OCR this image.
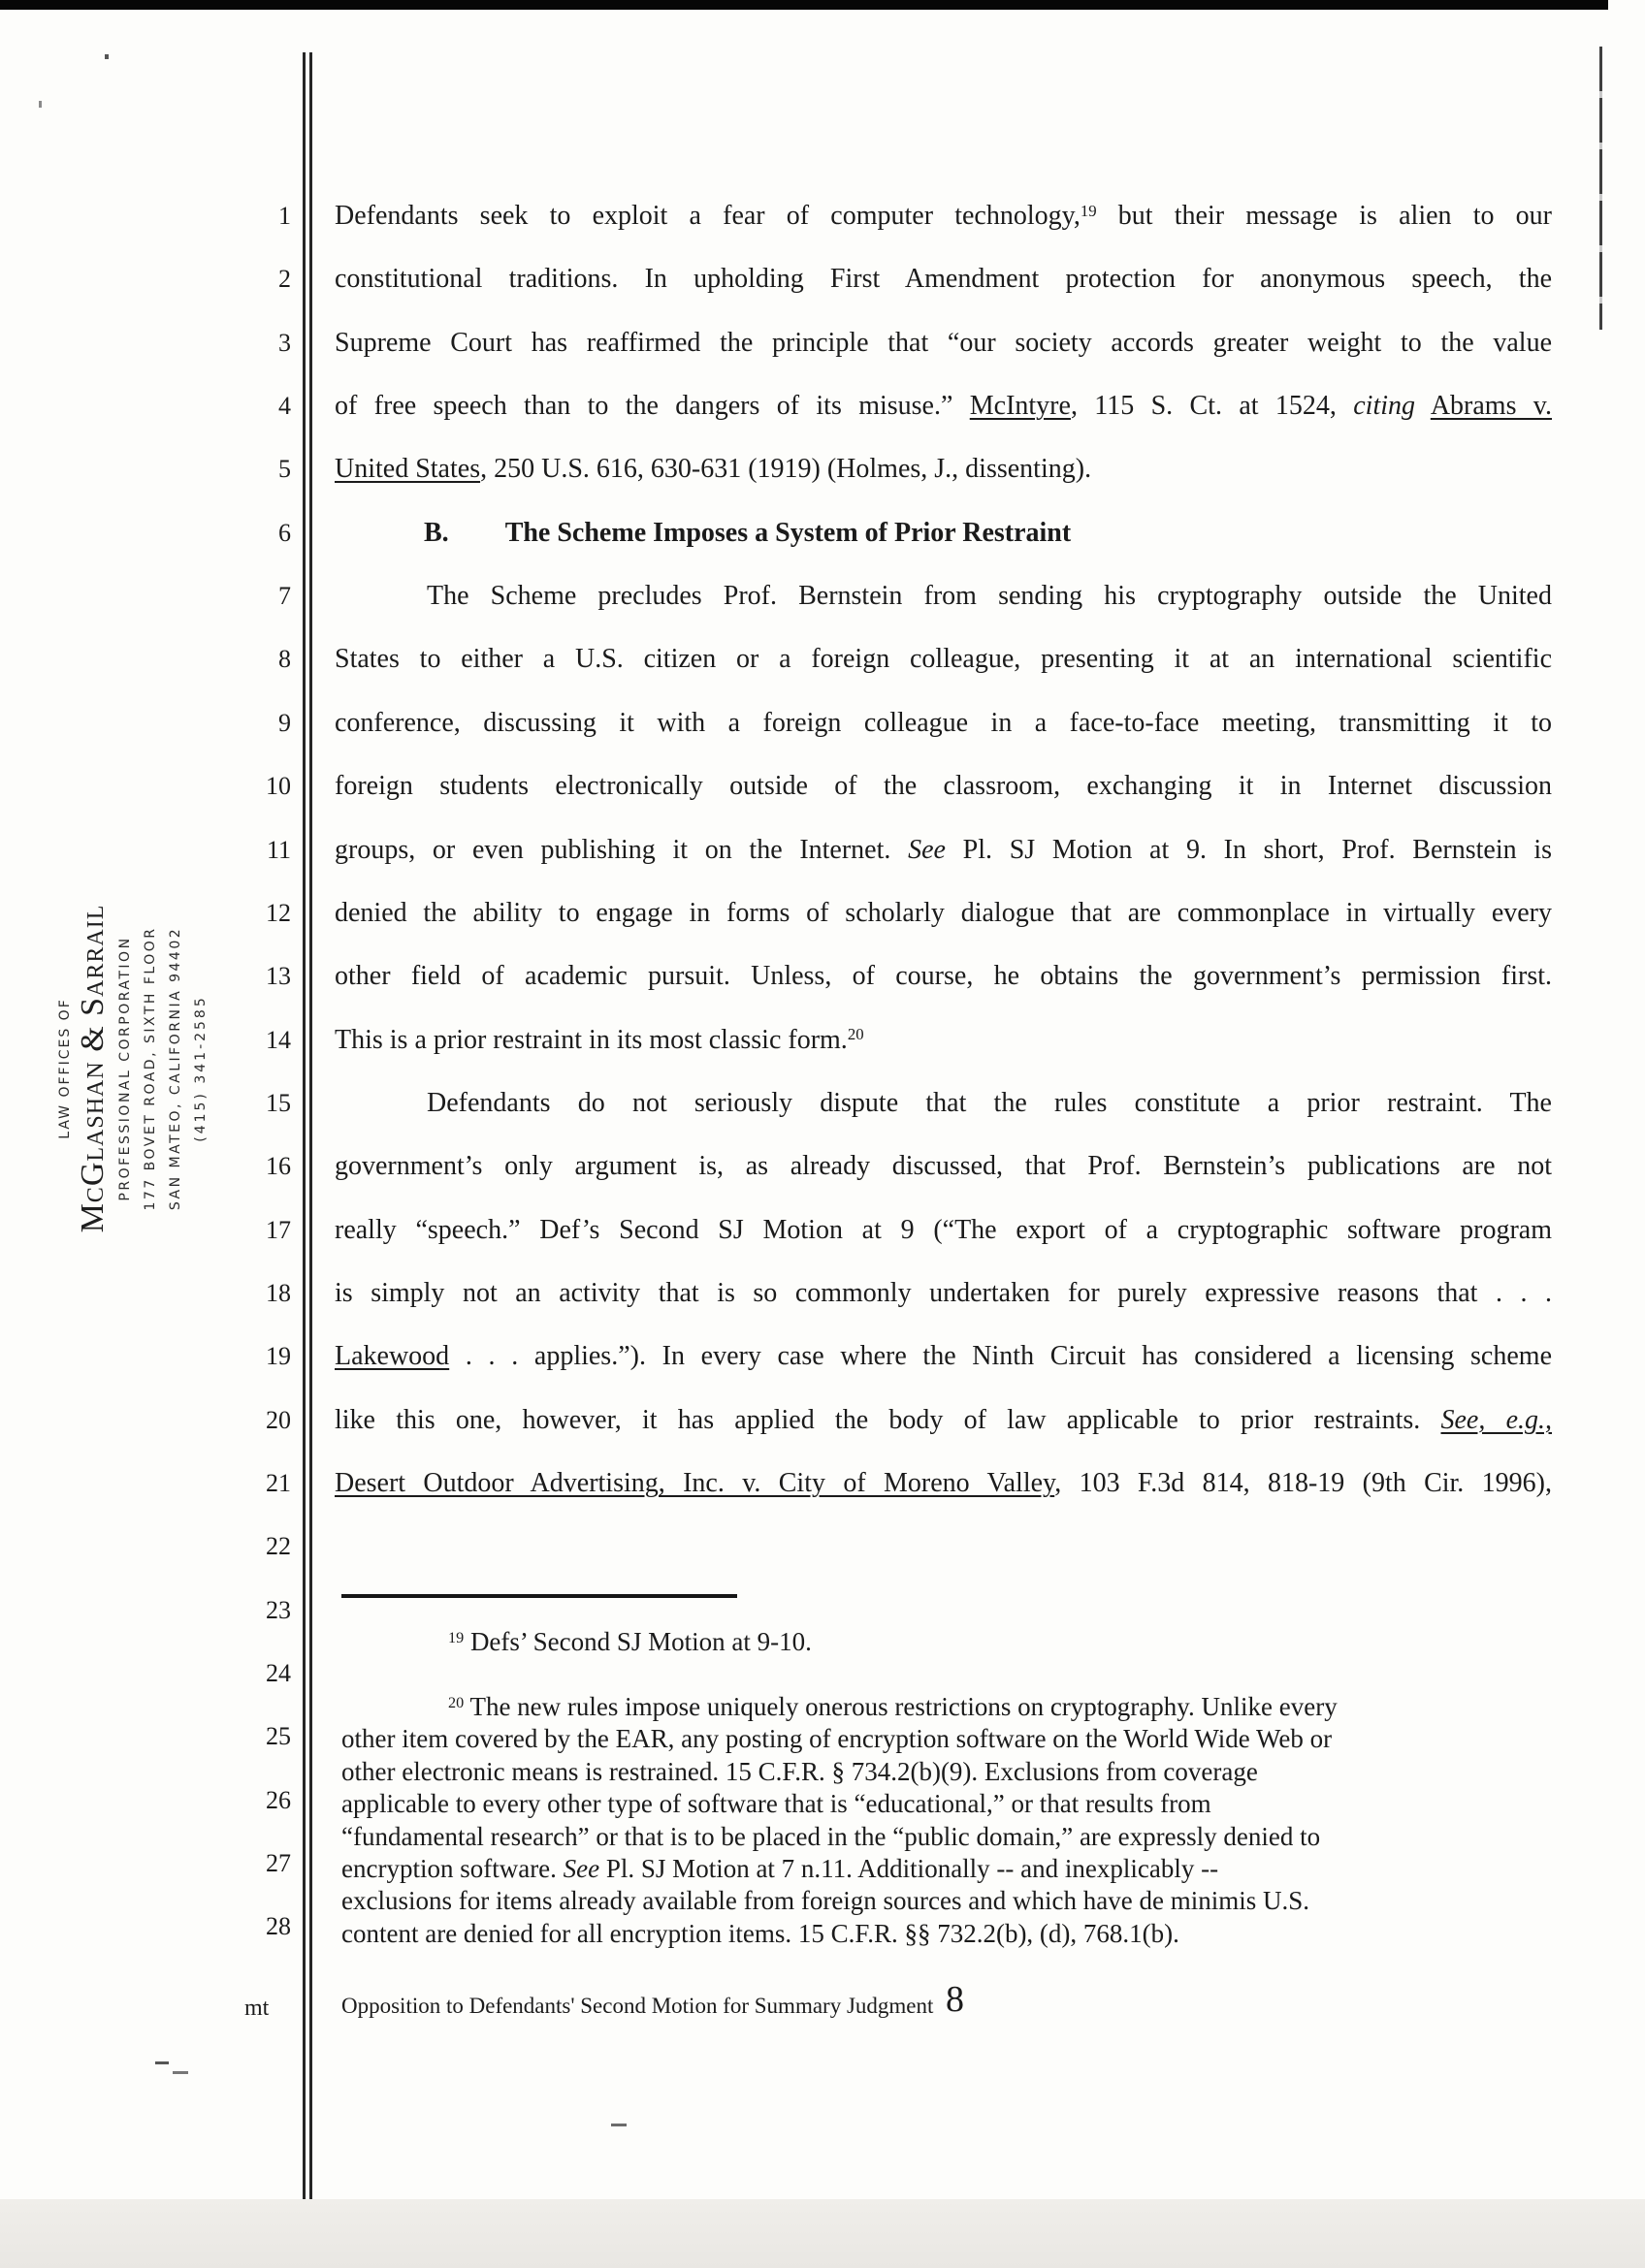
1
2
3
4
5
6
7
8
9
10
11
12
13
14
15
16
17
18
19
20
21
22
23
24
25
26
27
28
LAW OFFICES OF McGlashan & Sarrail PROFESSIONAL CORPORATION 177 BOVET ROAD, SIXTH FLOOR SAN MATEO, CALIFORNIA 94402 (415) 341-2585
Defendants seek to exploit a fear of computer technology,$^{19}$ but their message is alien to our
constitutional traditions. In upholding First Amendment protection for anonymous speech, the
Supreme Court has reaffirmed the principle that “our society accords greater weight to the value
of free speech than to the dangers of its misuse.” McIntyre, 115 S. Ct. at 1524, citing Abrams v.
United States, 250 U.S. 616, 630-631 (1919) (Holmes, J., dissenting).
B. The Scheme Imposes a System of Prior Restraint
The Scheme precludes Prof. Bernstein from sending his cryptography outside the United
States to either a U.S. citizen or a foreign colleague, presenting it at an international scientific
conference, discussing it with a foreign colleague in a face-to-face meeting, transmitting it to
foreign students electronically outside of the classroom, exchanging it in Internet discussion
groups, or even publishing it on the Internet. See Pl. SJ Motion at 9. In short, Prof. Bernstein is
denied the ability to engage in forms of scholarly dialogue that are commonplace in virtually every
other field of academic pursuit. Unless, of course, he obtains the government’s permission first.
This is a prior restraint in its most classic form.$^{20}$
Defendants do not seriously dispute that the rules constitute a prior restraint. The
government’s only argument is, as already discussed, that Prof. Bernstein’s publications are not
really “speech.” Def’s Second SJ Motion at 9 (“The export of a cryptographic software program
is simply not an activity that is so commonly undertaken for purely expressive reasons that . . .
Lakewood . . . applies.”). In every case where the Ninth Circuit has considered a licensing scheme
like this one, however, it has applied the body of law applicable to prior restraints. See, e.g.,
Desert Outdoor Advertising, Inc. v. City of Moreno Valley, 103 F.3d 814, 818-19 (9th Cir. 1996),
$^{19}$ Defs’ Second SJ Motion at 9-10.
$^{20}$ The new rules impose uniquely onerous restrictions on cryptography. Unlike every
other item covered by the EAR, any posting of encryption software on the World Wide Web or
other electronic means is restrained. 15 C.F.R. § 734.2(b)(9). Exclusions from coverage
applicable to every other type of software that is “educational,” or that results from
“fundamental research” or that is to be placed in the “public domain,” are expressly denied to
encryption software. See Pl. SJ Motion at 7 n.11. Additionally -- and inexplicably --
exclusions for items already available from foreign sources and which have de minimis U.S.
content are denied for all encryption items. 15 C.F.R. §§ 732.2(b), (d), 768.1(b).
mt	Opposition to Defendants' Second Motion for Summary Judgment 8
